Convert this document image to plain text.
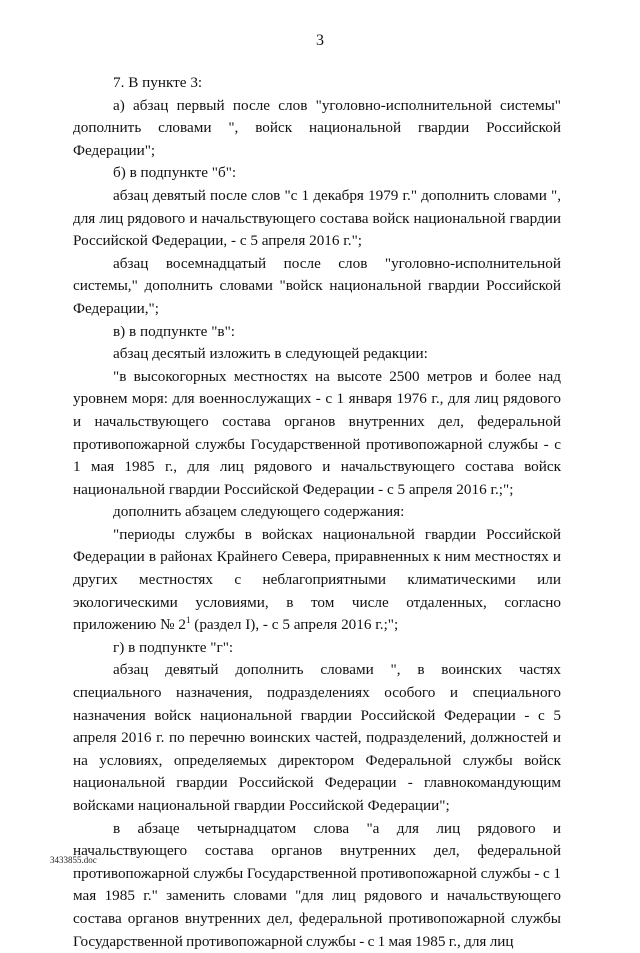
3

7. В пункте 3:

а) абзац первый после слов "уголовно-исполнительной системы" дополнить словами ", войск национальной гвардии Российской Федерации";

б) в подпункте "б":

абзац девятый после слов "с 1 декабря 1979 г." дополнить словами ", для лиц рядового и начальствующего состава войск национальной гвардии Российской Федерации, - с 5 апреля 2016 г.";

абзац восемнадцатый после слов "уголовно-исполнительной системы," дополнить словами "войск национальной гвардии Российской Федерации,";

в) в подпункте "в":

абзац десятый изложить в следующей редакции:

"в высокогорных местностях на высоте 2500 метров и более над уровнем моря: для военнослужащих - с 1 января 1976 г., для лиц рядового и начальствующего состава органов внутренних дел, федеральной противопожарной службы Государственной противопожарной службы - с 1 мая 1985 г., для лиц рядового и начальствующего состава войск национальной гвардии Российской Федерации - с 5 апреля 2016 г.;";

дополнить абзацем следующего содержания:

"периоды службы в войсках национальной гвардии Российской Федерации в районах Крайнего Севера, приравненных к ним местностях и других местностях с неблагоприятными климатическими или экологическими условиями, в том числе отдаленных, согласно приложению № $2^1$ (раздел I), - с 5 апреля 2016 г.;";

г) в подпункте "г":

абзац девятый дополнить словами ", в воинских частях специального назначения, подразделениях особого и специального назначения войск национальной гвардии Российской Федерации - с 5 апреля 2016 г. по перечню воинских частей, подразделений, должностей и на условиях, определяемых директором Федеральной службы войск национальной гвардии Российской Федерации - главнокомандующим войсками национальной гвардии Российской Федерации";

в абзаце четырнадцатом слова "а для лиц рядового и начальствующего состава органов внутренних дел, федеральной противопожарной службы Государственной противопожарной службы - с 1 мая 1985 г." заменить словами "для лиц рядового и начальствующего состава органов внутренних дел, федеральной противопожарной службы Государственной противопожарной службы - с 1 мая 1985 г., для лиц

3433855.doc
